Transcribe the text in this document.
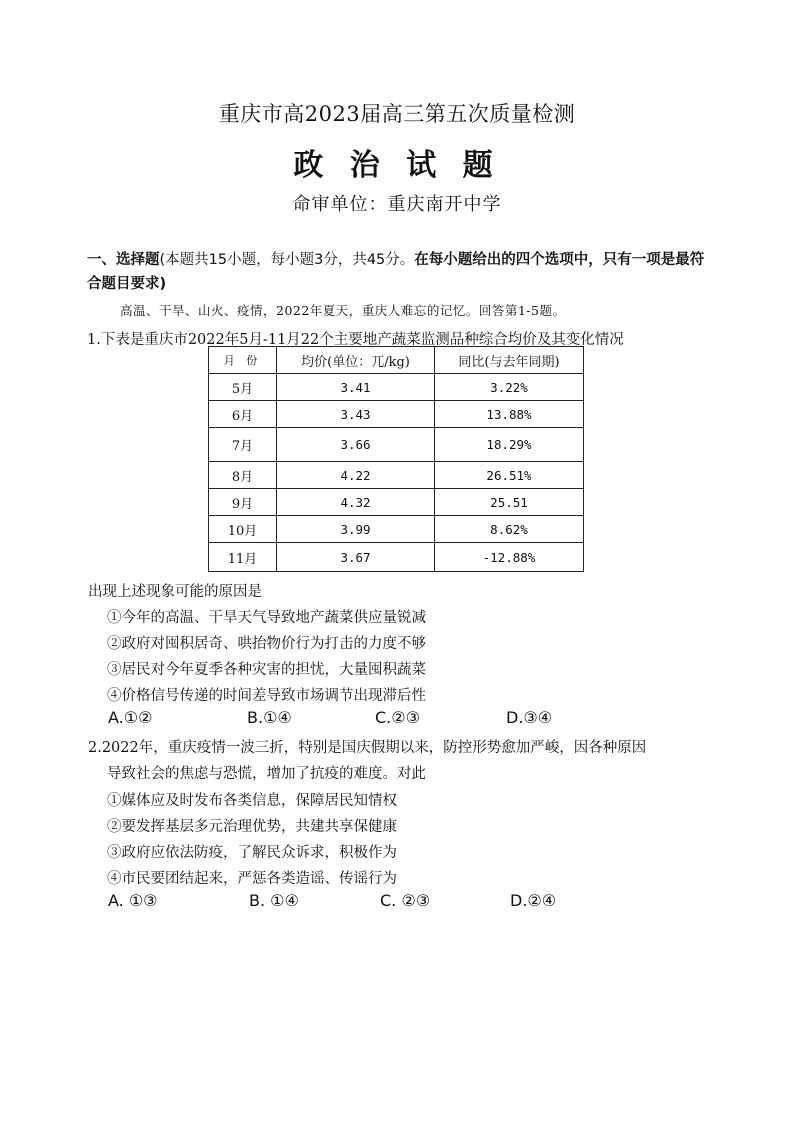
重庆市高2023届高三第五次质量检测
政 治 试 题
命审单位：重庆南开中学
一、选择题(本题共15小题，每小题3分，共45分。在每小题给出的四个选项中，只有一项是最符合题目要求)
高温、干旱、山火、疫情，2022年夏天，重庆人难忘的记忆。回答第1-5题。
1.下表是重庆市2022年5月-11月22个主要地产蔬菜监测品种综合均价及其变化情况
月 份	均价(单位：兀/kg)	同比(与去年同期)
5月	3.41	3.22%
6月	3.43	13.88%
7月	3.66	18.29%
8月	4.22	26.51%
9月	4.32	25.51
10月	3.99	8.62%
11月	3.67	-12.88%
出现上述现象可能的原因是
①今年的高温、干旱天气导致地产蔬菜供应量锐减
②政府对囤积居奇、哄抬物价行为打击的力度不够
③居民对今年夏季各种灾害的担忧，大量囤积蔬菜
④价格信号传递的时间差导致市场调节出现滞后性
A.①②	B.①④	C.②③	D.③④
2.2022年，重庆疫情一波三折，特别是国庆假期以来，防控形势愈加严峻，因各种原因
导致社会的焦虑与恐慌，增加了抗疫的难度。对此
①媒体应及时发布各类信息，保障居民知情权
②要发挥基层多元治理优势，共建共享保健康
③政府应依法防疫，了解民众诉求，积极作为
④市民要团结起来，严惩各类造谣、传谣行为
A. ①③	B. ①④	C. ②③	D.②④
